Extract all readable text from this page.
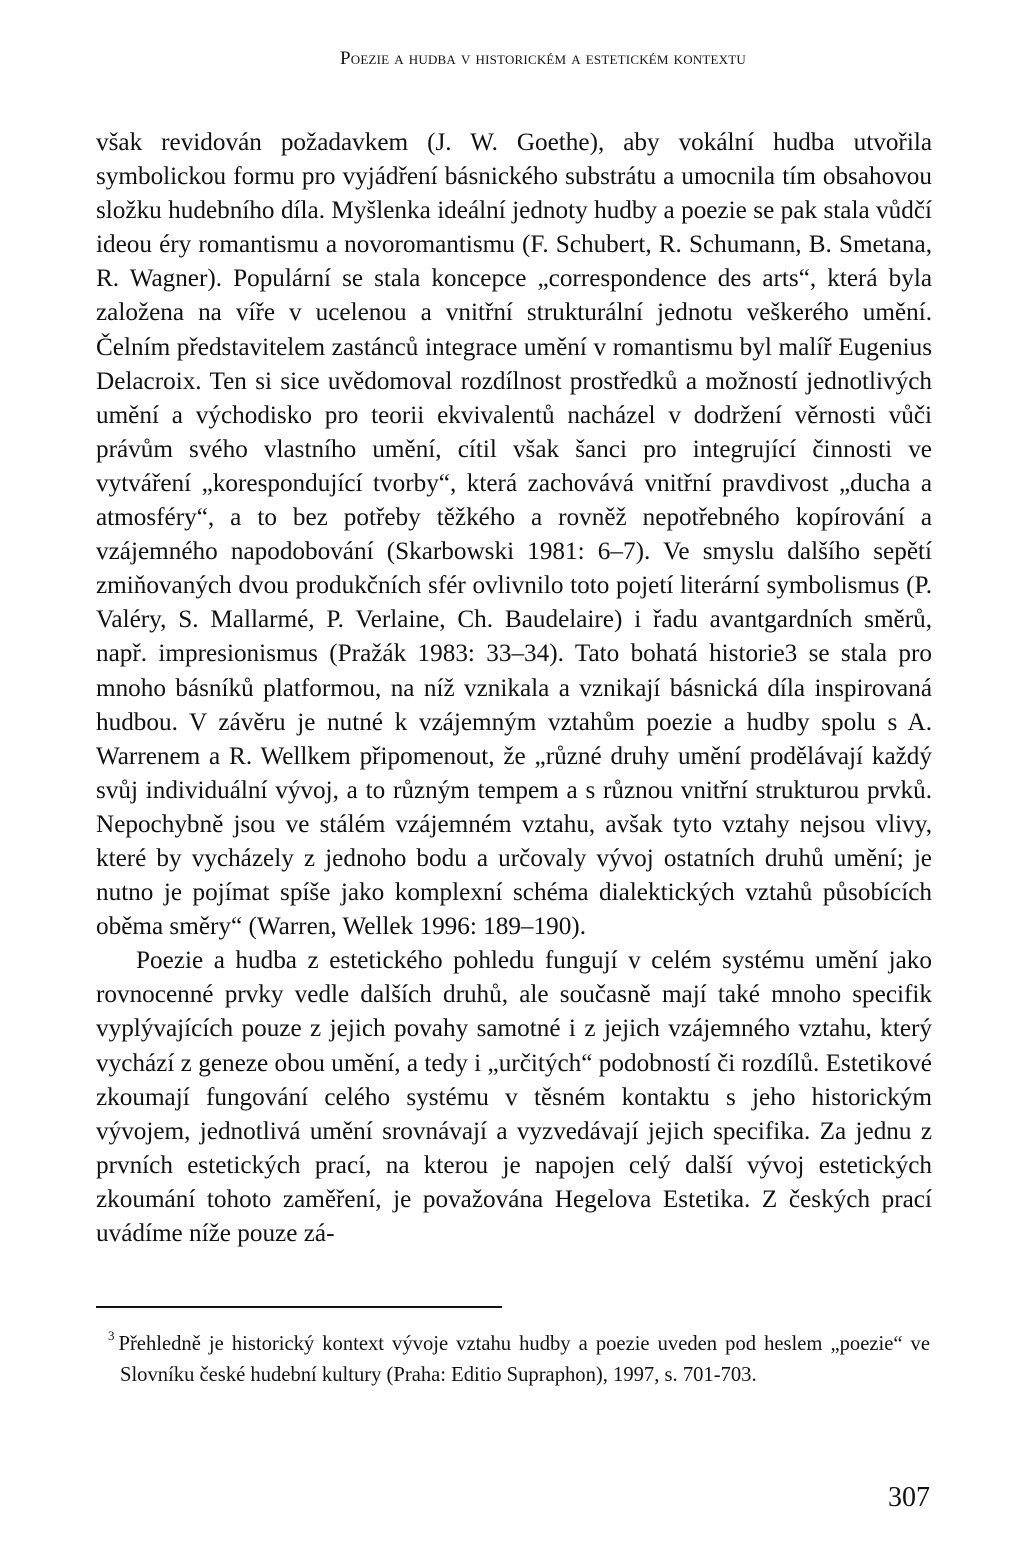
Poezie a hudba v historickém a estetickém kontextu

však revidován požadavkem (J. W. Goethe), aby vokální hudba utvořila symbolickou formu pro vyjádření básnického substrátu a umocnila tím obsahovou složku hudebního díla. Myšlenka ideální jednoty hudby a poezie se pak stala vůdčí ideou éry romantismu a novoromantismu (F. Schubert, R. Schumann, B. Smetana, R. Wagner). Populární se stala koncepce „correspondence des arts“, která byla založena na víře v ucelenou a vnitřní strukturální jednotu veškerého umění. Čelním představitelem zastánců integrace umění v romantismu byl malíř Eugenius Delacroix. Ten si sice uvědomoval rozdílnost prostředků a možností jednotlivých umění a východisko pro teorii ekvivalentů nacházel v dodržení věrnosti vůči právům svého vlastního umění, cítil však šanci pro integrující činnosti ve vytváření „korespondující tvorby“, která zachovává vnitřní pravdivost „ducha a atmosféry“, a to bez potřeby těžkého a rovněž nepotřebného kopírování a vzájemného napodobování (Skarbowski 1981: 6–7). Ve smyslu dalšího sepětí zmiňovaných dvou produkčních sfér ovlivnilo toto pojetí literární symbolismus (P. Valéry, S. Mallarmé, P. Verlaine, Ch. Baudelaire) i řadu avantgardních směrů, např. impresionismus (Pražák 1983: 33–34). Tato bohatá historie3 se stala pro mnoho básníků platformou, na níž vznikala a vznikají básnická díla inspirovaná hudbou. V závěru je nutné k vzájemným vztahům poezie a hudby spolu s A. Warrenem a R. Wellkem připomenout, že „různé druhy umění prodělávají každý svůj individuální vývoj, a to různým tempem a s různou vnitřní strukturou prvků. Nepochybně jsou ve stálém vzájemném vztahu, avšak tyto vztahy nejsou vlivy, které by vycházely z jednoho bodu a určovaly vývoj ostatních druhů umění; je nutno je pojímat spíše jako komplexní schéma dialektických vztahů působících oběma směry“ (Warren, Wellek 1996: 189–190).

Poezie a hudba z estetického pohledu fungují v celém systému umění jako rovnocenné prvky vedle dalších druhů, ale současně mají také mnoho specifik vyplývajících pouze z jejich povahy samotné i z jejich vzájemného vztahu, který vychází z geneze obou umění, a tedy i „určitých“ podobností či rozdílů. Estetikové zkoumají fungování celého systému v těsném kontaktu s jeho historickým vývojem, jednotlivá umění srovnávají a vyzvedávají jejich specifika. Za jednu z prvních estetických prací, na kterou je napojen celý další vývoj estetických zkoumání tohoto zaměření, je považována Hegelova Estetika. Z českých prací uvádíme níže pouze zá-

$^3$ Přehledně je historický kontext vývoje vztahu hudby a poezie uveden pod heslem „poezie“ ve Slovníku české hudební kultury (Praha: Editio Supraphon), 1997, s. 701-703.
307
